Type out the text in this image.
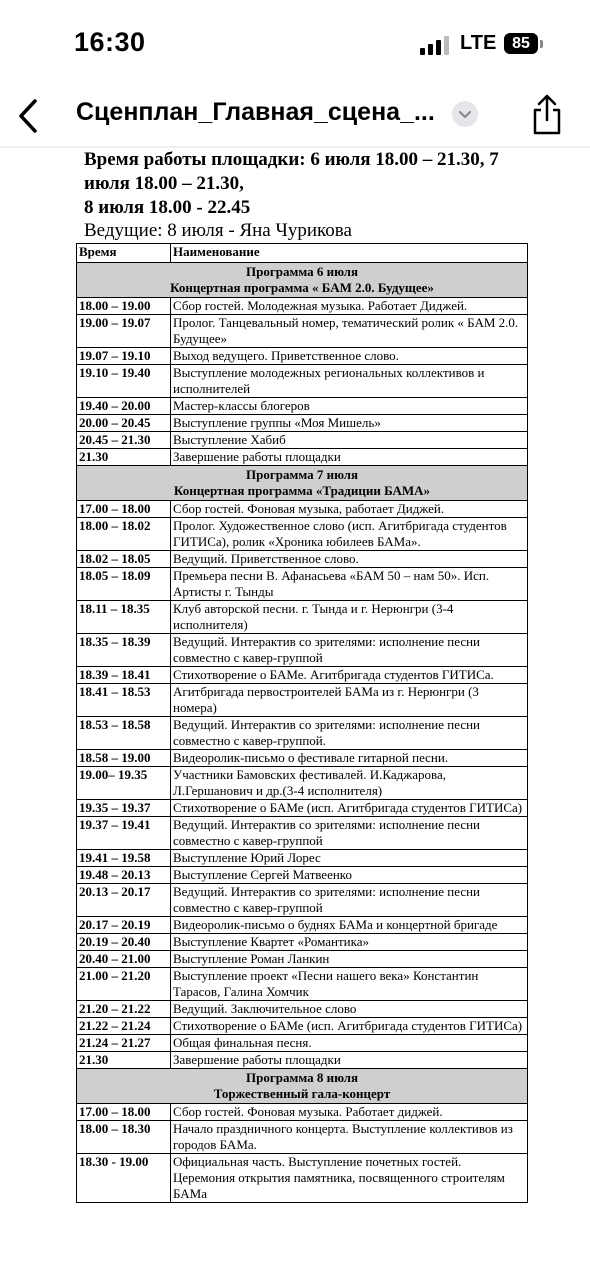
16:30	LTE 85
Сценплан_Главная_сцена_...
Время работы площадки: 6 июля 18.00 – 21.30, 7
июля 18.00 – 21.30,
8 июля 18.00 - 22.45
Ведущие: 8 июля - Яна Чурикова
Время	Наименование

Программа 6 июля
Концертная программа « БАМ 2.0. Будущее»	

18.00 – 19.00	Сбор гостей. Молодежная музыка. Работает Диджей.
19.00 – 19.07	Пролог. Танцевальный номер, тематический ролик « БАМ 2.0. Будущее»
19.07 – 19.10	Выход ведущего. Приветственное слово.
19.10 – 19.40	Выступление молодежных региональных коллективов и исполнителей
19.40 – 20.00	Мастер-классы блогеров
20.00 – 20.45	Выступление группы «Моя Мишель»
20.45 – 21.30	Выступление Хабиб
21.30	Завершение работы площадки

Программа 7 июля
Концертная программа «Традиции БАМА»	

17.00 – 18.00	Сбор гостей. Фоновая музыка, работает Диджей.
18.00 – 18.02	Пролог. Художественное слово (исп. Агитбригада студентов ГИТИСа), ролик «Хроника юбилеев БАМа».
18.02 – 18.05	Ведущий. Приветственное слово.
18.05 – 18.09	Премьера песни В. Афанасьева «БАМ 50 – нам 50». Исп. Артисты г. Тынды
18.11 – 18.35	Клуб авторской песни. г. Тында и г. Нерюнгри (3-4 исполнителя)
18.35 – 18.39	Ведущий. Интерактив со зрителями: исполнение песни совместно с кавер-группой
18.39 – 18.41	Стихотворение о БАМе. Агитбригада студентов ГИТИСа.
18.41 – 18.53	Агитбригада первостроителей БАМа из г. Нерюнгри (3 номера)
18.53 – 18.58	Ведущий. Интерактив со зрителями: исполнение песни совместно с кавер-группой.
18.58 – 19.00	Видеоролик-письмо о фестивале гитарной песни.
19.00– 19.35	Участники Бамовских фестивалей. И.Каджарова, Л.Гершанович и др.(3-4 исполнителя)
19.35 – 19.37	Стихотворение о БАМе (исп. Агитбригада студентов ГИТИСа)
19.37 – 19.41	Ведущий. Интерактив со зрителями: исполнение песни совместно с кавер-группой
19.41 – 19.58	Выступление Юрий Лорес
19.48 – 20.13	Выступление Сергей Матвеенко
20.13 – 20.17	Ведущий. Интерактив со зрителями: исполнение песни совместно с кавер-группой
20.17 – 20.19	Видеоролик-письмо о буднях БАМа и концертной бригаде
20.19 – 20.40	Выступление Квартет «Романтика»
20.40 – 21.00	Выступление Роман Ланкин
21.00 – 21.20	Выступление проект «Песни нашего века» Константин Тарасов, Галина Хомчик
21.20 – 21.22	Ведущий. Заключительное слово
21.22 – 21.24	Стихотворение о БАМе (исп. Агитбригада студентов ГИТИСа)
21.24 – 21.27	Общая финальная песня.
21.30	Завершение работы площадки

Программа 8 июля
Торжественный гала-концерт	

17.00 – 18.00	Сбор гостей. Фоновая музыка. Работает диджей.
18.00 – 18.30	Начало праздничного концерта. Выступление коллективов из городов БАМа.
18.30 - 19.00	Официальная часть. Выступление почетных гостей. Церемония открытия памятника, посвященного строителям БАМа
